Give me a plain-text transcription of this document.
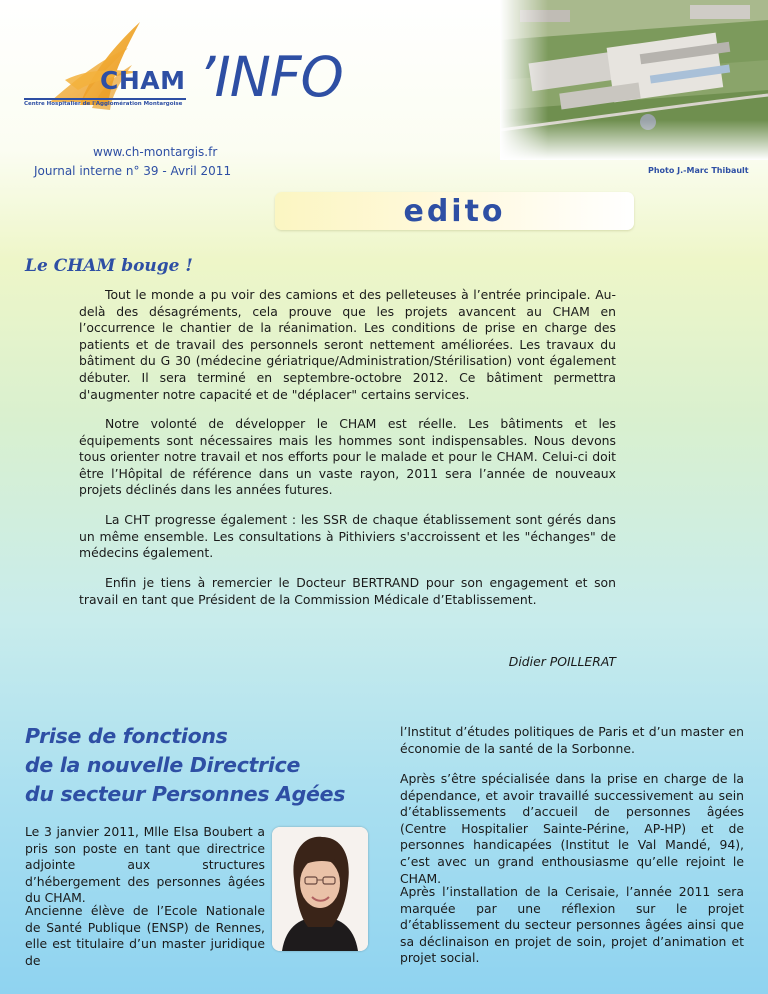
CHAM
Centre Hospitalier de l'Agglomération Montargoise ’INFO
www.ch-montargis.fr
Journal interne n° 39 - Avril 2011	Photo J.-Marc Thibault
edito
Le CHAM bouge !

Tout le monde a pu voir des camions et des pelleteuses à l’entrée principale. Au-delà des désagréments, cela prouve que les projets avancent au CHAM en l’occurrence le chantier de la réanimation. Les conditions de prise en charge des patients et de travail des personnels seront nettement améliorées. Les travaux du bâtiment du G 30 (médecine gériatrique/Administration/Stérilisation) vont également débuter. Il sera terminé en septembre-octobre 2012. Ce bâtiment permettra d'augmenter notre capacité et de "déplacer" certains services.

Notre volonté de développer le CHAM est réelle. Les bâtiments et les équipements sont nécessaires mais les hommes sont indispensables. Nous devons tous orienter notre travail et nos efforts pour le malade et pour le CHAM. Celui-ci doit être l’Hôpital de référence dans un vaste rayon, 2011 sera l’année de nouveaux projets déclinés dans les années futures.

La CHT progresse également : les SSR de chaque établissement sont gérés dans un même ensemble. Les consultations à Pithiviers s'accroissent et les "échanges" de médecins également.

Enfin je tiens à remercier le Docteur BERTRAND pour son engagement et son travail en tant que Président de la Commission Médicale d’Etablissement.

Didier POILLERAT
Prise de fonctions
de la nouvelle Directrice
du secteur Personnes Agées

Le 3 janvier 2011, Mlle Elsa Boubert a pris son poste en tant que directrice adjointe aux structures d’hébergement des personnes âgées du CHAM.

Ancienne élève de l’Ecole Nationale de Santé Publique (ENSP) de Rennes, elle est titulaire d’un master juridique de

l’Institut d’études politiques de Paris et d’un master en économie de la santé de la Sorbonne.

Après s’être spécialisée dans la prise en charge de la dépendance, et avoir travaillé successivement au sein d’établissements d’accueil de personnes âgées (Centre Hospitalier Sainte-Périne, AP-HP) et de personnes handicapées (Institut le Val Mandé, 94), c’est avec un grand enthousiasme qu’elle rejoint le CHAM.

Après l’installation de la Cerisaie, l’année 2011 sera marquée par une réflexion sur le projet d’établissement du secteur personnes âgées ainsi que sa déclinaison en projet de soin, projet d’animation et projet social.
